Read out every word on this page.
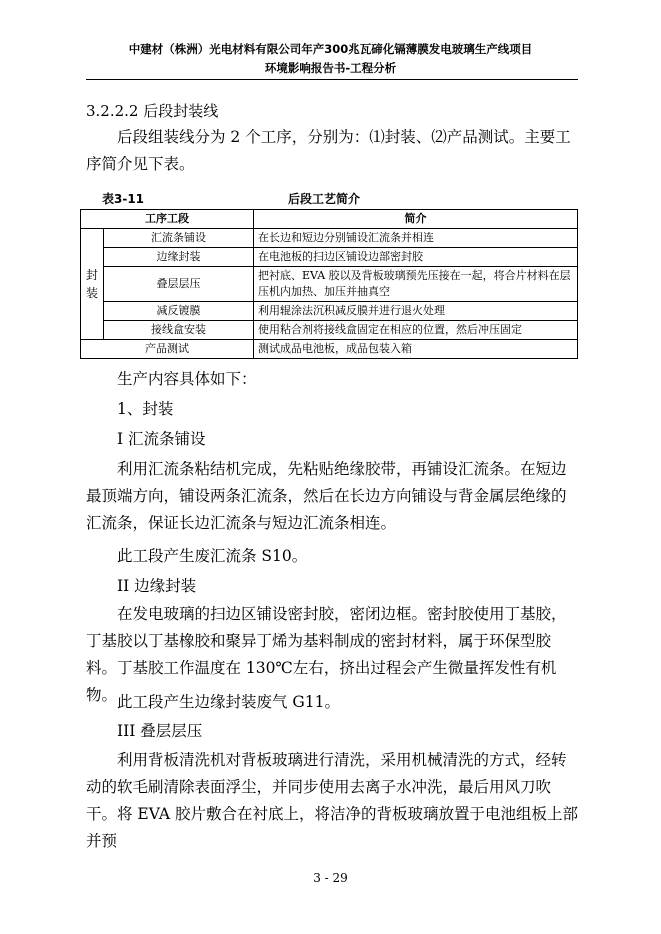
中建材（株洲）光电材料有限公司年产300兆瓦碲化镉薄膜发电玻璃生产线项目
环境影响报告书-工程分析
3.2.2.2 后段封装线

后段组装线分为 2 个工序，分别为：⑴封装、⑵产品测试。主要工序简介见下表。

表3-11	后段工艺简介
工序工段		简介
封装	汇流条铺设	在长边和短边分别铺设汇流条并相连
	边缘封装	在电池板的扫边区铺设边部密封胶
	叠层层压	把衬底、EVA 胶以及背板玻璃预先压接在一起，将合片材料在层压机内加热、加压并抽真空
	减反镀膜	利用辊涂法沉积减反膜并进行退火处理
	接线盒安装	使用粘合剂将接线盒固定在相应的位置，然后冲压固定
产品测试		测试成品电池板，成品包装入箱

生产内容具体如下：

1、封装

I 汇流条铺设

利用汇流条粘结机完成，先粘贴绝缘胶带，再铺设汇流条。在短边最顶端方向，铺设两条汇流条，然后在长边方向铺设与背金属层绝缘的汇流条，保证长边汇流条与短边汇流条相连。

此工段产生废汇流条 S10。

II 边缘封装

在发电玻璃的扫边区铺设密封胶，密闭边框。密封胶使用丁基胶，丁基胶以丁基橡胶和聚异丁烯为基料制成的密封材料，属于环保型胶料。丁基胶工作温度在 130℃左右，挤出过程会产生微量挥发性有机物。 此工段产生边缘封装废气 G11。

III 叠层层压

利用背板清洗机对背板玻璃进行清洗，采用机械清洗的方式，经转动的软毛刷清除表面浮尘，并同步使用去离子水冲洗，最后用风刀吹干。将 EVA 胶片敷合在衬底上，将洁净的背板玻璃放置于电池组板上部并预

3 - 29
